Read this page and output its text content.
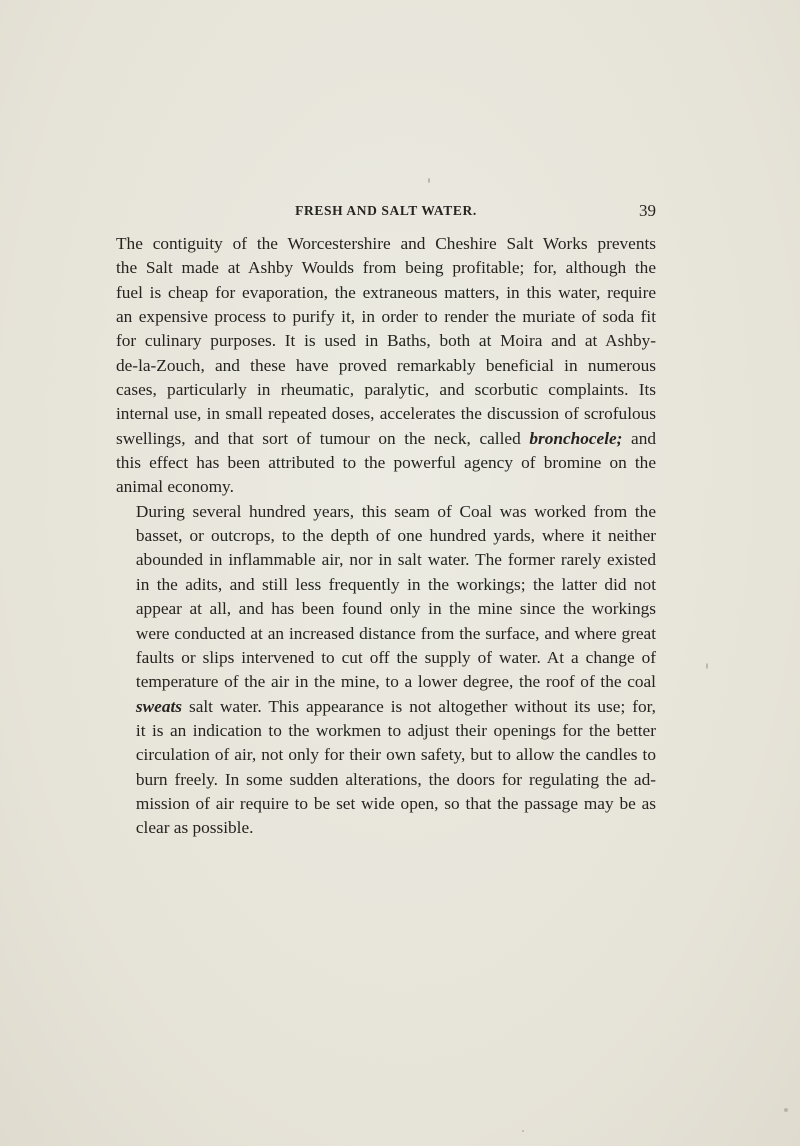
FRESH AND SALT WATER.	39

The contiguity of the Worcestershire and Cheshire Salt Works prevents
the Salt made at Ashby Woulds from being profitable; for, although the
fuel is cheap for evaporation, the extraneous matters, in this water, require
an expensive process to purify it, in order to render the muriate of soda fit
for culinary purposes. It is used in Baths, both at Moira and at Ashby-
de-la-Zouch, and these have proved remarkably beneficial in numerous
cases, particularly in rheumatic, paralytic, and scorbutic complaints. Its
internal use, in small repeated doses, accelerates the discussion of scrofulous
swellings, and that sort of tumour on the neck, called bronchocele; and
this effect has been attributed to the powerful agency of bromine on the
animal economy.

During several hundred years, this seam of Coal was worked from the
basset, or outcrops, to the depth of one hundred yards, where it neither
abounded in inflammable air, nor in salt water. The former rarely existed
in the adits, and still less frequently in the workings; the latter did not
appear at all, and has been found only in the mine since the workings
were conducted at an increased distance from the surface, and where great
faults or slips intervened to cut off the supply of water. At a change of
temperature of the air in the mine, to a lower degree, the roof of the coal
sweats salt water. This appearance is not altogether without its use; for,
it is an indication to the workmen to adjust their openings for the better
circulation of air, not only for their own safety, but to allow the candles to
burn freely. In some sudden alterations, the doors for regulating the ad-
mission of air require to be set wide open, so that the passage may be as
clear as possible.
